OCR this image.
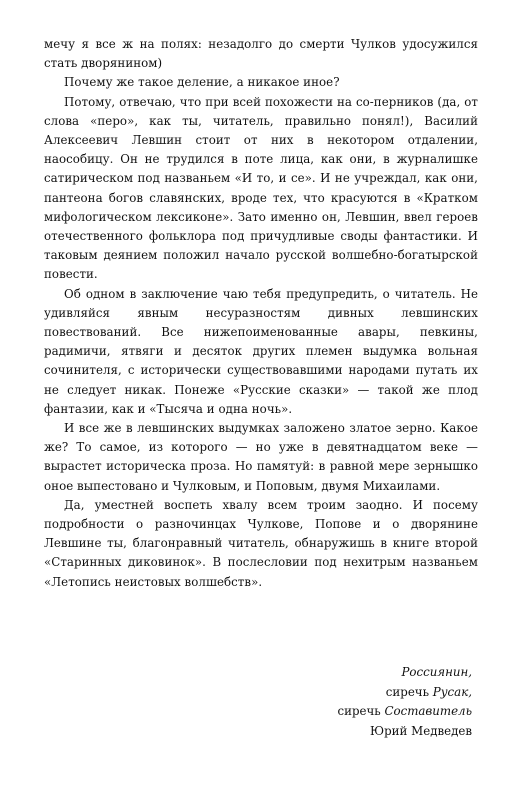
мечу я все ж на полях: незадолго до смерти Чулков удосужился стать дворянином)

Почему же такое деление, а никакое иное?

Потому, отвечаю, что при всей похожести на со-перников (да, от слова «перо», как ты, читатель, правильно понял!), Василий Алексеевич Левшин стоит от них в некотором отдалении, наособицу. Он не трудился в поте лица, как они, в журналишке сатирическом под названьем «И то, и се». И не учреждал, как они, пантеона богов славянских, вроде тех, что красуются в «Кратком мифологическом лексиконе». Зато именно он, Левшин, ввел героев отечественного фольклора под причудливые своды фантастики. И таковым деянием положил начало русской волшебно-богатырской повести.

Об одном в заключение чаю тебя предупредить, о читатель. Не удивляйся явным несуразностям дивных левшинских повествований. Все нижепоименованные авары, певкины, радимичи, ятвяги и десяток других племен выдумка вольная сочинителя, с исторически существовавшими народами путать их не следует никак. Понеже «Русские сказки» — такой же плод фантазии, как и «Тысяча и одна ночь».

И все же в левшинских выдумках заложено златое зерно. Какое же? То самое, из которого — но уже в девятнадцатом веке — вырастет историческа проза. Но памятуй: в равной мере зернышко оное выпестовано и Чулковым, и Поповым, двумя Михаилами.

Да, уместней воспеть хвалу всем троим заодно. И посему подробности о разночинцах Чулкове, Попове и о дворянине Левшине ты, благонравный читатель, обнаружишь в книге второй «Старинных диковинок». В послесловии под нехитрым названьем «Летопись неистовых волшебств».

Россиянин,
сиречь Русак,
сиречь Составитель
Юрий Медведев
